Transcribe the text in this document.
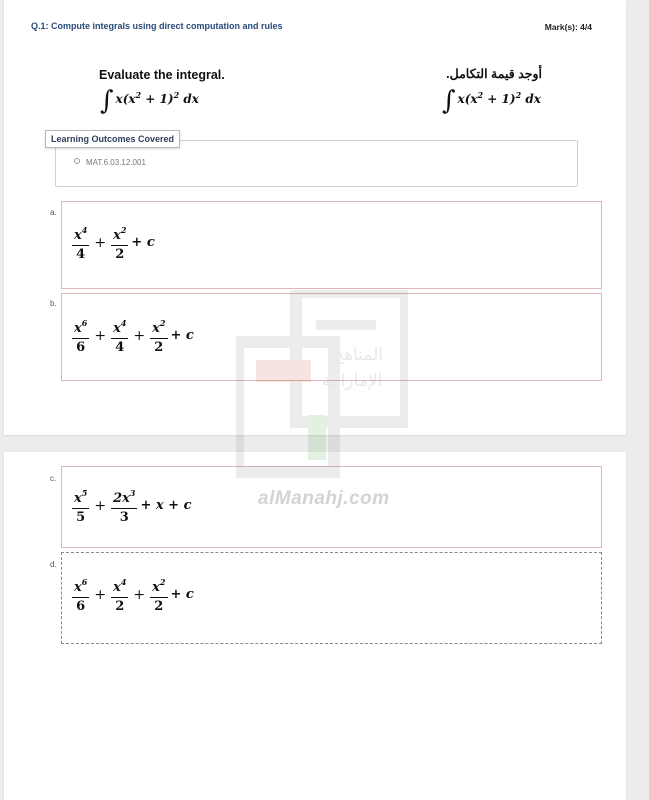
Q.1: Compute integrals using direct computation and rules	Mark(s): 4/4
Evaluate the integral.
∫ $x(x^2 + 1)^2$ dx
أوجد قيمة التكامل.
∫ $x(x^2 + 1)^2$ dx
Learning Outcomes Covered
MAT.6.03.12.001
a.
$\frac{x^4}{4} + \frac{x^2}{2} + c$
b.
$\frac{x^6}{6} + \frac{x^4}{4} + \frac{x^2}{2} + c$
c.
$\frac{x^5}{5} + \frac{2x^3}{3} + x + c$
d.
$\frac{x^6}{6} + \frac{x^4}{2} + \frac{x^2}{2} + c$
alManahj.com
